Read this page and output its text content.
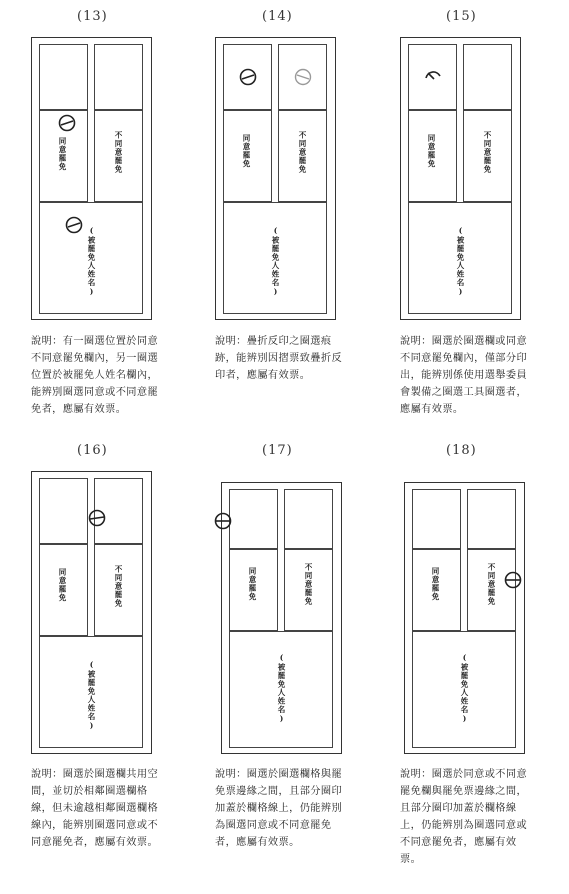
(13)
同意罷免	不同意罷免
(被罷免人姓名)
說明：有一圈選位置於同意不同意罷免欄內，另一圈選位置於被罷免人姓名欄內，能辨別圈選同意或不同意罷免者，應屬有效票。
(14)
同意罷免	不同意罷免
(被罷免人姓名)
說明：疊折反印之圈選痕跡，能辨別因摺票致疊折反印者，應屬有效票。
(15)
同意罷免	不同意罷免
(被罷免人姓名)
說明：圈選於圈選欄或同意不同意罷免欄內，僅部分印出，能辨別係使用選舉委員會製備之圈選工具圈選者，應屬有效票。
(16)
同意罷免	不同意罷免
(被罷免人姓名)
說明：圈選於圈選欄共用空間，並切於相鄰圈選欄格線，但未逾越相鄰圈選欄格線內，能辨別圈選同意或不同意罷免者，應屬有效票。
(17)
同意罷免	不同意罷免
(被罷免人姓名)
說明：圈選於圈選欄格與罷免票邊緣之間，且部分圈印加蓋於欄格線上，仍能辨別為圈選同意或不同意罷免者，應屬有效票。
(18)
同意罷免	不同意罷免
(被罷免人姓名)
說明：圈選於同意或不同意罷免欄與罷免票邊緣之間，且部分圈印加蓋於欄格線上，仍能辨別為圈選同意或不同意罷免者，應屬有效票。
